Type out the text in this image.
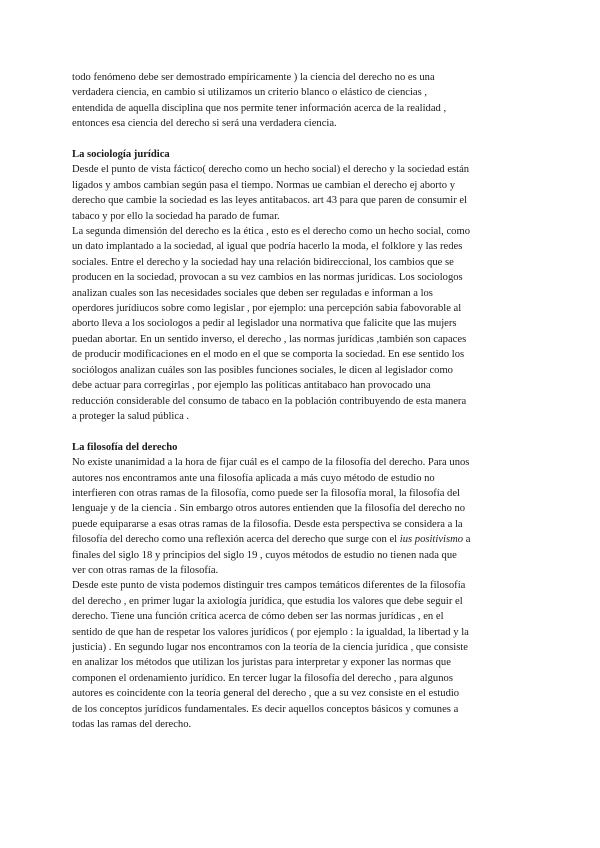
todo fenómeno debe ser demostrado empíricamente ) la ciencia del derecho no es una
verdadera ciencia, en cambio si utilizamos un criterio blanco o elástico de ciencias ,
entendida de aquella disciplina que nos permite tener información acerca de la realidad ,
entonces esa ciencia del derecho si será una verdadera ciencia.
La sociología jurídica
Desde el punto de vista fáctico( derecho como un hecho social) el derecho y la sociedad están
ligados y ambos cambian según pasa el tiempo. Normas ue cambian el derecho ej aborto y
derecho que cambie la sociedad es las leyes antitabacos. art 43 para que paren de consumir el
tabaco y por ello la sociedad ha parado de fumar.
La segunda dimensión del derecho es la ética , esto es el derecho como un hecho social, como
un dato implantado a la sociedad, al igual que podría hacerlo la moda, el folklore y las redes
sociales. Entre el derecho y la sociedad hay una relación bidireccional, los cambios que se
producen en la sociedad, provocan a su vez cambios en las normas jurídicas. Los sociologos
analizan cuales son las necesidades sociales que deben ser reguladas e informan a los
operdores jurídiucos sobre como legislar , por ejemplo: una percepción sabia fabovorable al
aborto lleva a los sociologos a pedir al legislador una normativa que falicite que las mujers
puedan abortar. En un sentido inverso, el derecho , las normas jurídicas ,también son capaces
de producir modificaciones en el modo en el que se comporta la sociedad. En ese sentido los
sociólogos analizan cuáles son las posibles funciones sociales, le dicen al legislador como
debe actuar para corregirlas , por ejemplo las políticas antitabaco han provocado una
reducción considerable del consumo de tabaco en la población contribuyendo de esta manera
a proteger la salud pública .
La filosofía del derecho
No existe unanimidad a la hora de fijar cuál es el campo de la filosofía del derecho. Para unos
autores nos encontramos ante una filosofía aplicada a más cuyo método de estudio no
interfieren con otras ramas de la filosofía, como puede ser la filosofía moral, la filosofía del
lenguaje y de la ciencia . Sin embargo otros autores entienden que la filosofía del derecho no
puede equipararse a esas otras ramas de la filosofía. Desde esta perspectiva se considera a la
filosofía del derecho como una reflexión acerca del derecho que surge con el ius positivismo a
finales del siglo 18 y principios del siglo 19 , cuyos métodos de estudio no tienen nada que
ver con otras ramas de la filosofía.
Desde este punto de vista podemos distinguir tres campos temáticos diferentes de la filosofía
del derecho , en primer lugar la axiología jurídica, que estudia los valores que debe seguir el
derecho. Tiene una función crítica acerca de cómo deben ser las normas jurídicas , en el
sentido de que han de respetar los valores jurídicos ( por ejemplo : la igualdad, la libertad y la
justicia) . En segundo lugar nos encontramos con la teoría de la ciencia jurídica , que consiste
en analizar los métodos que utilizan los juristas para interpretar y exponer las normas que
componen el ordenamiento jurídico. En tercer lugar la filosofía del derecho , para algunos
autores es coincidente con la teoría general del derecho , que a su vez consiste en el estudio
de los conceptos jurídicos fundamentales. Es decir aquellos conceptos básicos y comunes a
todas las ramas del derecho.
